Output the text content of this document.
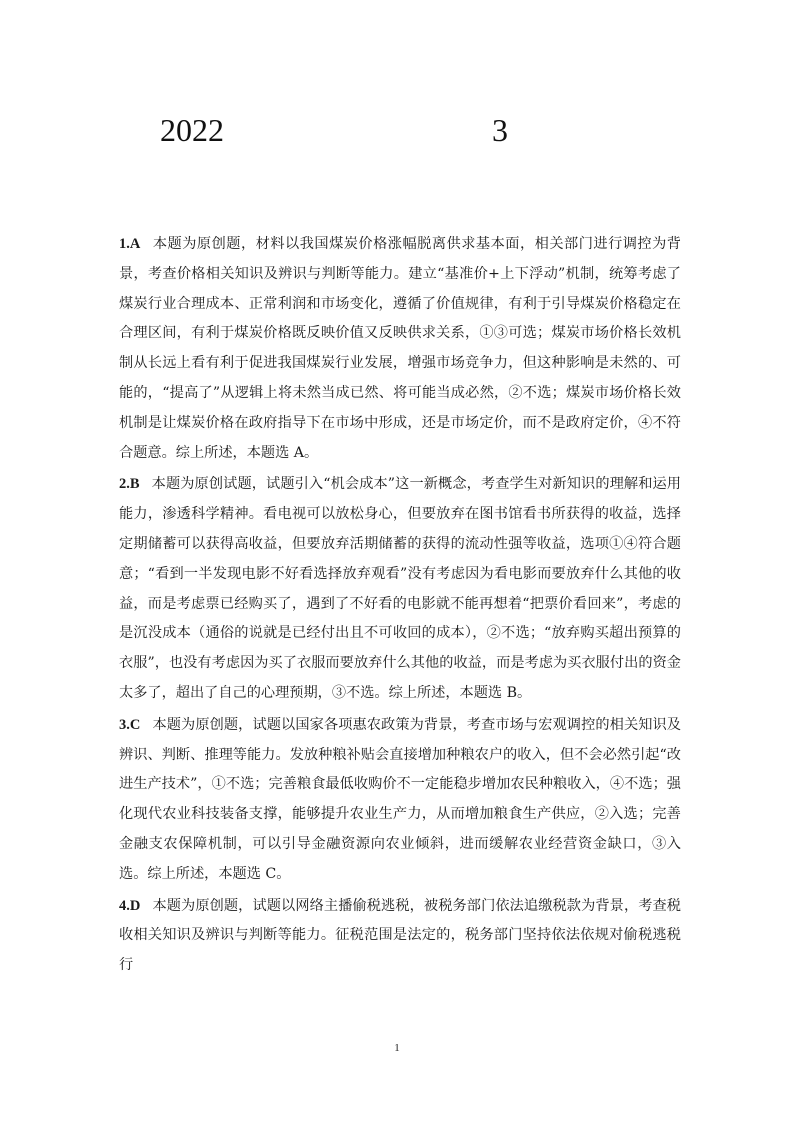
2022	3

1.A 本题为原创题，材料以我国煤炭价格涨幅脱离供求基本面，相关部门进行调控为背景，考查价格相关知识及辨识与判断等能力。建立“基准价+上下浮动”机制，统筹考虑了煤炭行业合理成本、正常利润和市场变化，遵循了价值规律，有利于引导煤炭价格稳定在合理区间，有利于煤炭价格既反映价值又反映供求关系，①③可选；煤炭市场价格长效机制从长远上看有利于促进我国煤炭行业发展，增强市场竞争力，但这种影响是未然的、可能的，“提高了”从逻辑上将未然当成已然、将可能当成必然，②不选；煤炭市场价格长效机制是让煤炭价格在政府指导下在市场中形成，还是市场定价，而不是政府定价，④不符合题意。综上所述，本题选 A。

2.B 本题为原创试题，试题引入“机会成本”这一新概念，考查学生对新知识的理解和运用能力，渗透科学精神。看电视可以放松身心，但要放弃在图书馆看书所获得的收益，选择定期储蓄可以获得高收益，但要放弃活期储蓄的获得的流动性强等收益，选项①④符合题意；“看到一半发现电影不好看选择放弃观看”没有考虑因为看电影而要放弃什么其他的收益，而是考虑票已经购买了，遇到了不好看的电影就不能再想着“把票价看回来”，考虑的是沉没成本（通俗的说就是已经付出且不可收回的成本），②不选；“放弃购买超出预算的衣服”，也没有考虑因为买了衣服而要放弃什么其他的收益，而是考虑为买衣服付出的资金太多了，超出了自己的心理预期，③不选。综上所述，本题选 B。

3.C 本题为原创题，试题以国家各项惠农政策为背景，考查市场与宏观调控的相关知识及辨识、判断、推理等能力。发放种粮补贴会直接增加种粮农户的收入，但不会必然引起“改进生产技术”，①不选；完善粮食最低收购价不一定能稳步增加农民种粮收入，④不选；强化现代农业科技装备支撑，能够提升农业生产力，从而增加粮食生产供应，②入选；完善金融支农保障机制，可以引导金融资源向农业倾斜，进而缓解农业经营资金缺口，③入选。综上所述，本题选 C。

4.D 本题为原创题，试题以网络主播偷税逃税，被税务部门依法追缴税款为背景，考查税收相关知识及辨识与判断等能力。征税范围是法定的，税务部门坚持依法依规对偷税逃税行

1
